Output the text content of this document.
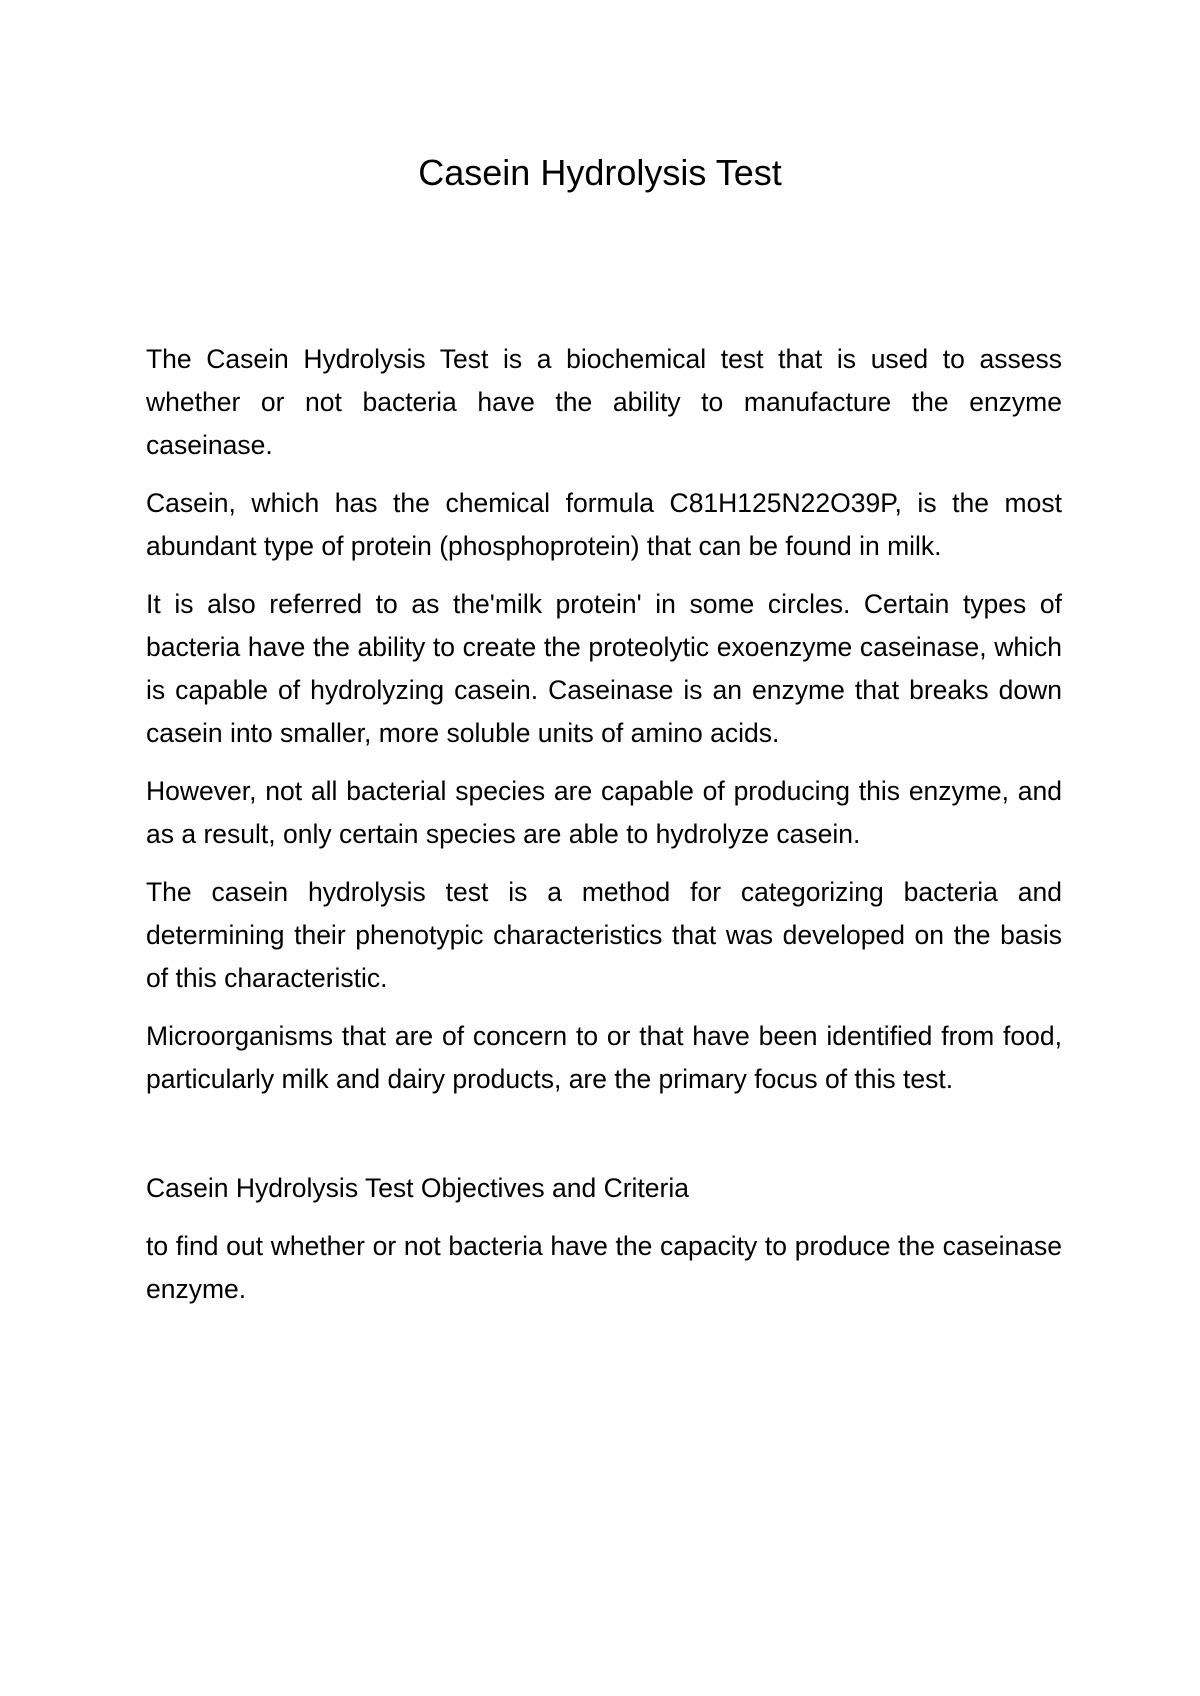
Casein Hydrolysis Test

The Casein Hydrolysis Test is a biochemical test that is used to assess whether or not bacteria have the ability to manufacture the enzyme caseinase.

Casein, which has the chemical formula C81H125N22O39P, is the most abundant type of protein (phosphoprotein) that can be found in milk.

It is also referred to as the'milk protein' in some circles. Certain types of bacteria have the ability to create the proteolytic exoenzyme caseinase, which is capable of hydrolyzing casein. Caseinase is an enzyme that breaks down casein into smaller, more soluble units of amino acids.

However, not all bacterial species are capable of producing this enzyme, and as a result, only certain species are able to hydrolyze casein.

The casein hydrolysis test is a method for categorizing bacteria and determining their phenotypic characteristics that was developed on the basis of this characteristic.

Microorganisms that are of concern to or that have been identified from food, particularly milk and dairy products, are the primary focus of this test.

Casein Hydrolysis Test Objectives and Criteria

to find out whether or not bacteria have the capacity to produce the caseinase enzyme.
